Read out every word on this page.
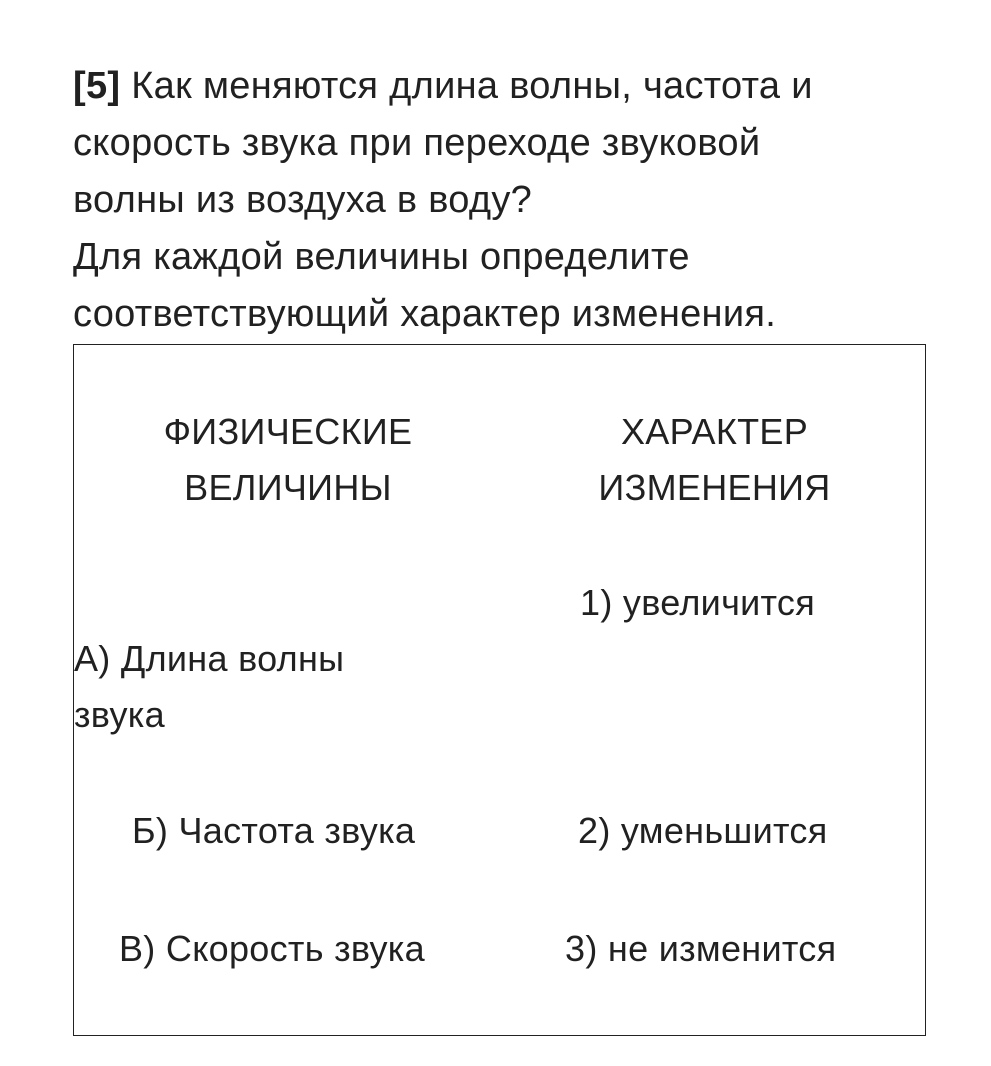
[5] Как меняются длина волны, частота и
скорость звука при переходе звуковой
волны из воздуха в воду?
Для каждой величины определите
соответствующий характер изменения.
ФИЗИЧЕСКИЕ
ВЕЛИЧИНЫ
ХАРАКТЕР
ИЗМЕНЕНИЯ
1) увеличится
А) Длина волны
звука
Б) Частота звука	2) уменьшится
В) Скорость звука	3) не изменится
